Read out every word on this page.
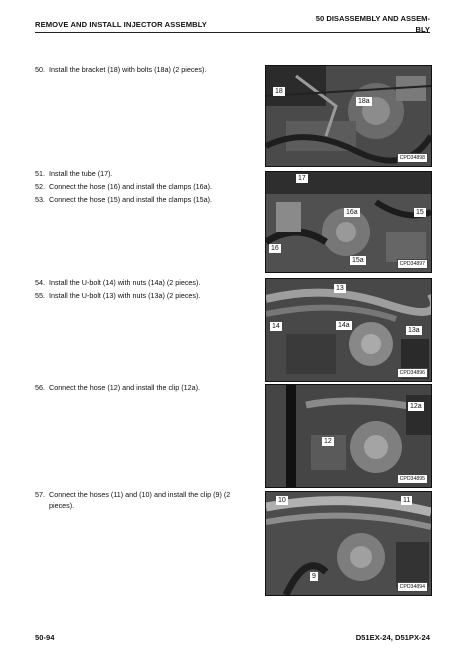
REMOVE AND INSTALL INJECTOR ASSEMBLY
50 DISASSEMBLY AND ASSEM-
BLY
50. Install the bracket (18) with bolts (18a) (2 pieces).
51. Install the tube (17).
52. Connect the hose (16) and install the clamps (16a).
53. Connect the hose (15) and install the clamps (15a).
54. Install the U-bolt (14) with nuts (14a) (2 pieces).
55. Install the U-bolt (13) with nuts (13a) (2 pieces).
56. Connect the hose (12) and install the clip (12a).
57. Connect the hoses (11) and (10) and install the clip (9) (2 pieces).
18
18a
CPD34898
17
16a	15
16
15a	CPD34897
13
14	14a
13a
CPD34896
12a
12
CPD34895
10	11
9
CPD34894
50-94	D51EX-24, D51PX-24
